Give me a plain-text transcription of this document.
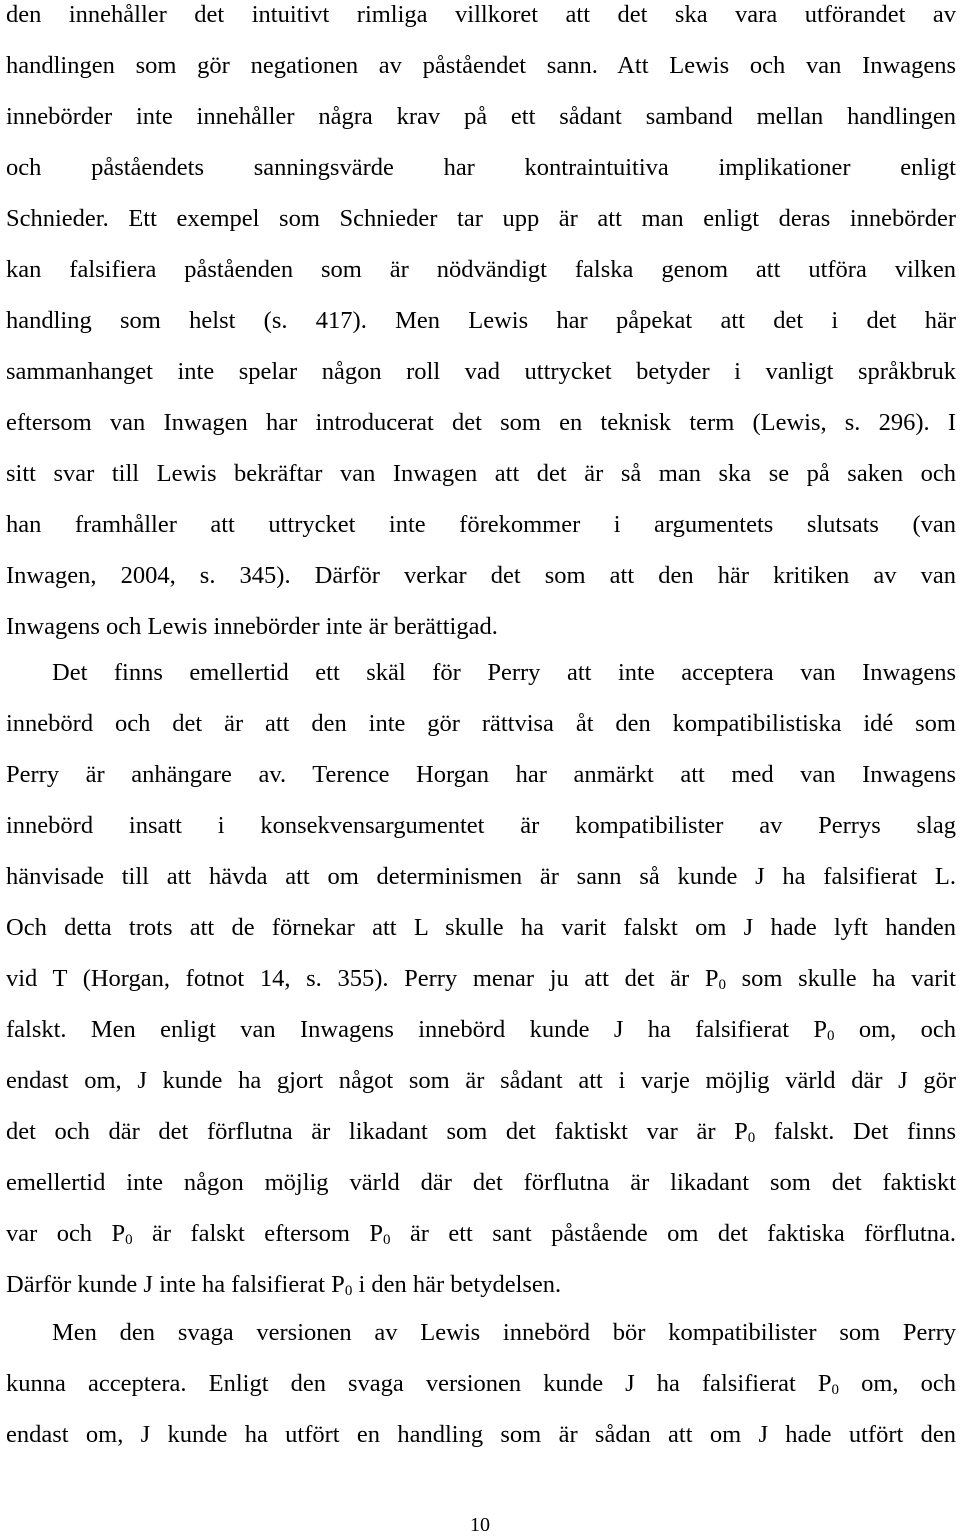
den innehåller det intuitivt rimliga villkoret att det ska vara utförandet av
handlingen som gör negationen av påståendet sann. Att Lewis och van Inwagens
innebörder inte innehåller några krav på ett sådant samband mellan handlingen
och påståendets sanningsvärde har kontraintuitiva implikationer enligt
Schnieder. Ett exempel som Schnieder tar upp är att man enligt deras innebörder
kan falsifiera påståenden som är nödvändigt falska genom att utföra vilken
handling som helst (s. 417). Men Lewis har påpekat att det i det här
sammanhanget inte spelar någon roll vad uttrycket betyder i vanligt språkbruk
eftersom van Inwagen har introducerat det som en teknisk term (Lewis, s. 296). I
sitt svar till Lewis bekräftar van Inwagen att det är så man ska se på saken och
han framhåller att uttrycket inte förekommer i argumentets slutsats (van
Inwagen, 2004, s. 345). Därför verkar det som att den här kritiken av van
Inwagens och Lewis innebörder inte är berättigad.

Det finns emellertid ett skäl för Perry att inte acceptera van Inwagens
innebörd och det är att den inte gör rättvisa åt den kompatibilistiska idé som
Perry är anhängare av. Terence Horgan har anmärkt att med van Inwagens
innebörd insatt i konsekvensargumentet är kompatibilister av Perrys slag
hänvisade till att hävda att om determinismen är sann så kunde J ha falsifierat L.
Och detta trots att de förnekar att L skulle ha varit falskt om J hade lyft handen
vid T (Horgan, fotnot 14, s. 355). Perry menar ju att det är $P_0$ som skulle ha varit
falskt. Men enligt van Inwagens innebörd kunde J ha falsifierat $P_0$ om, och
endast om, J kunde ha gjort något som är sådant att i varje möjlig värld där J gör
det och där det förflutna är likadant som det faktiskt var är $P_0$ falskt. Det finns
emellertid inte någon möjlig värld där det förflutna är likadant som det faktiskt
var och $P_0$ är falskt eftersom $P_0$ är ett sant påstående om det faktiska förflutna.
Därför kunde J inte ha falsifierat $P_0$ i den här betydelsen.

Men den svaga versionen av Lewis innebörd bör kompatibilister som Perry
kunna acceptera. Enligt den svaga versionen kunde J ha falsifierat $P_0$ om, och
endast om, J kunde ha utfört en handling som är sådan att om J hade utfört den

10
